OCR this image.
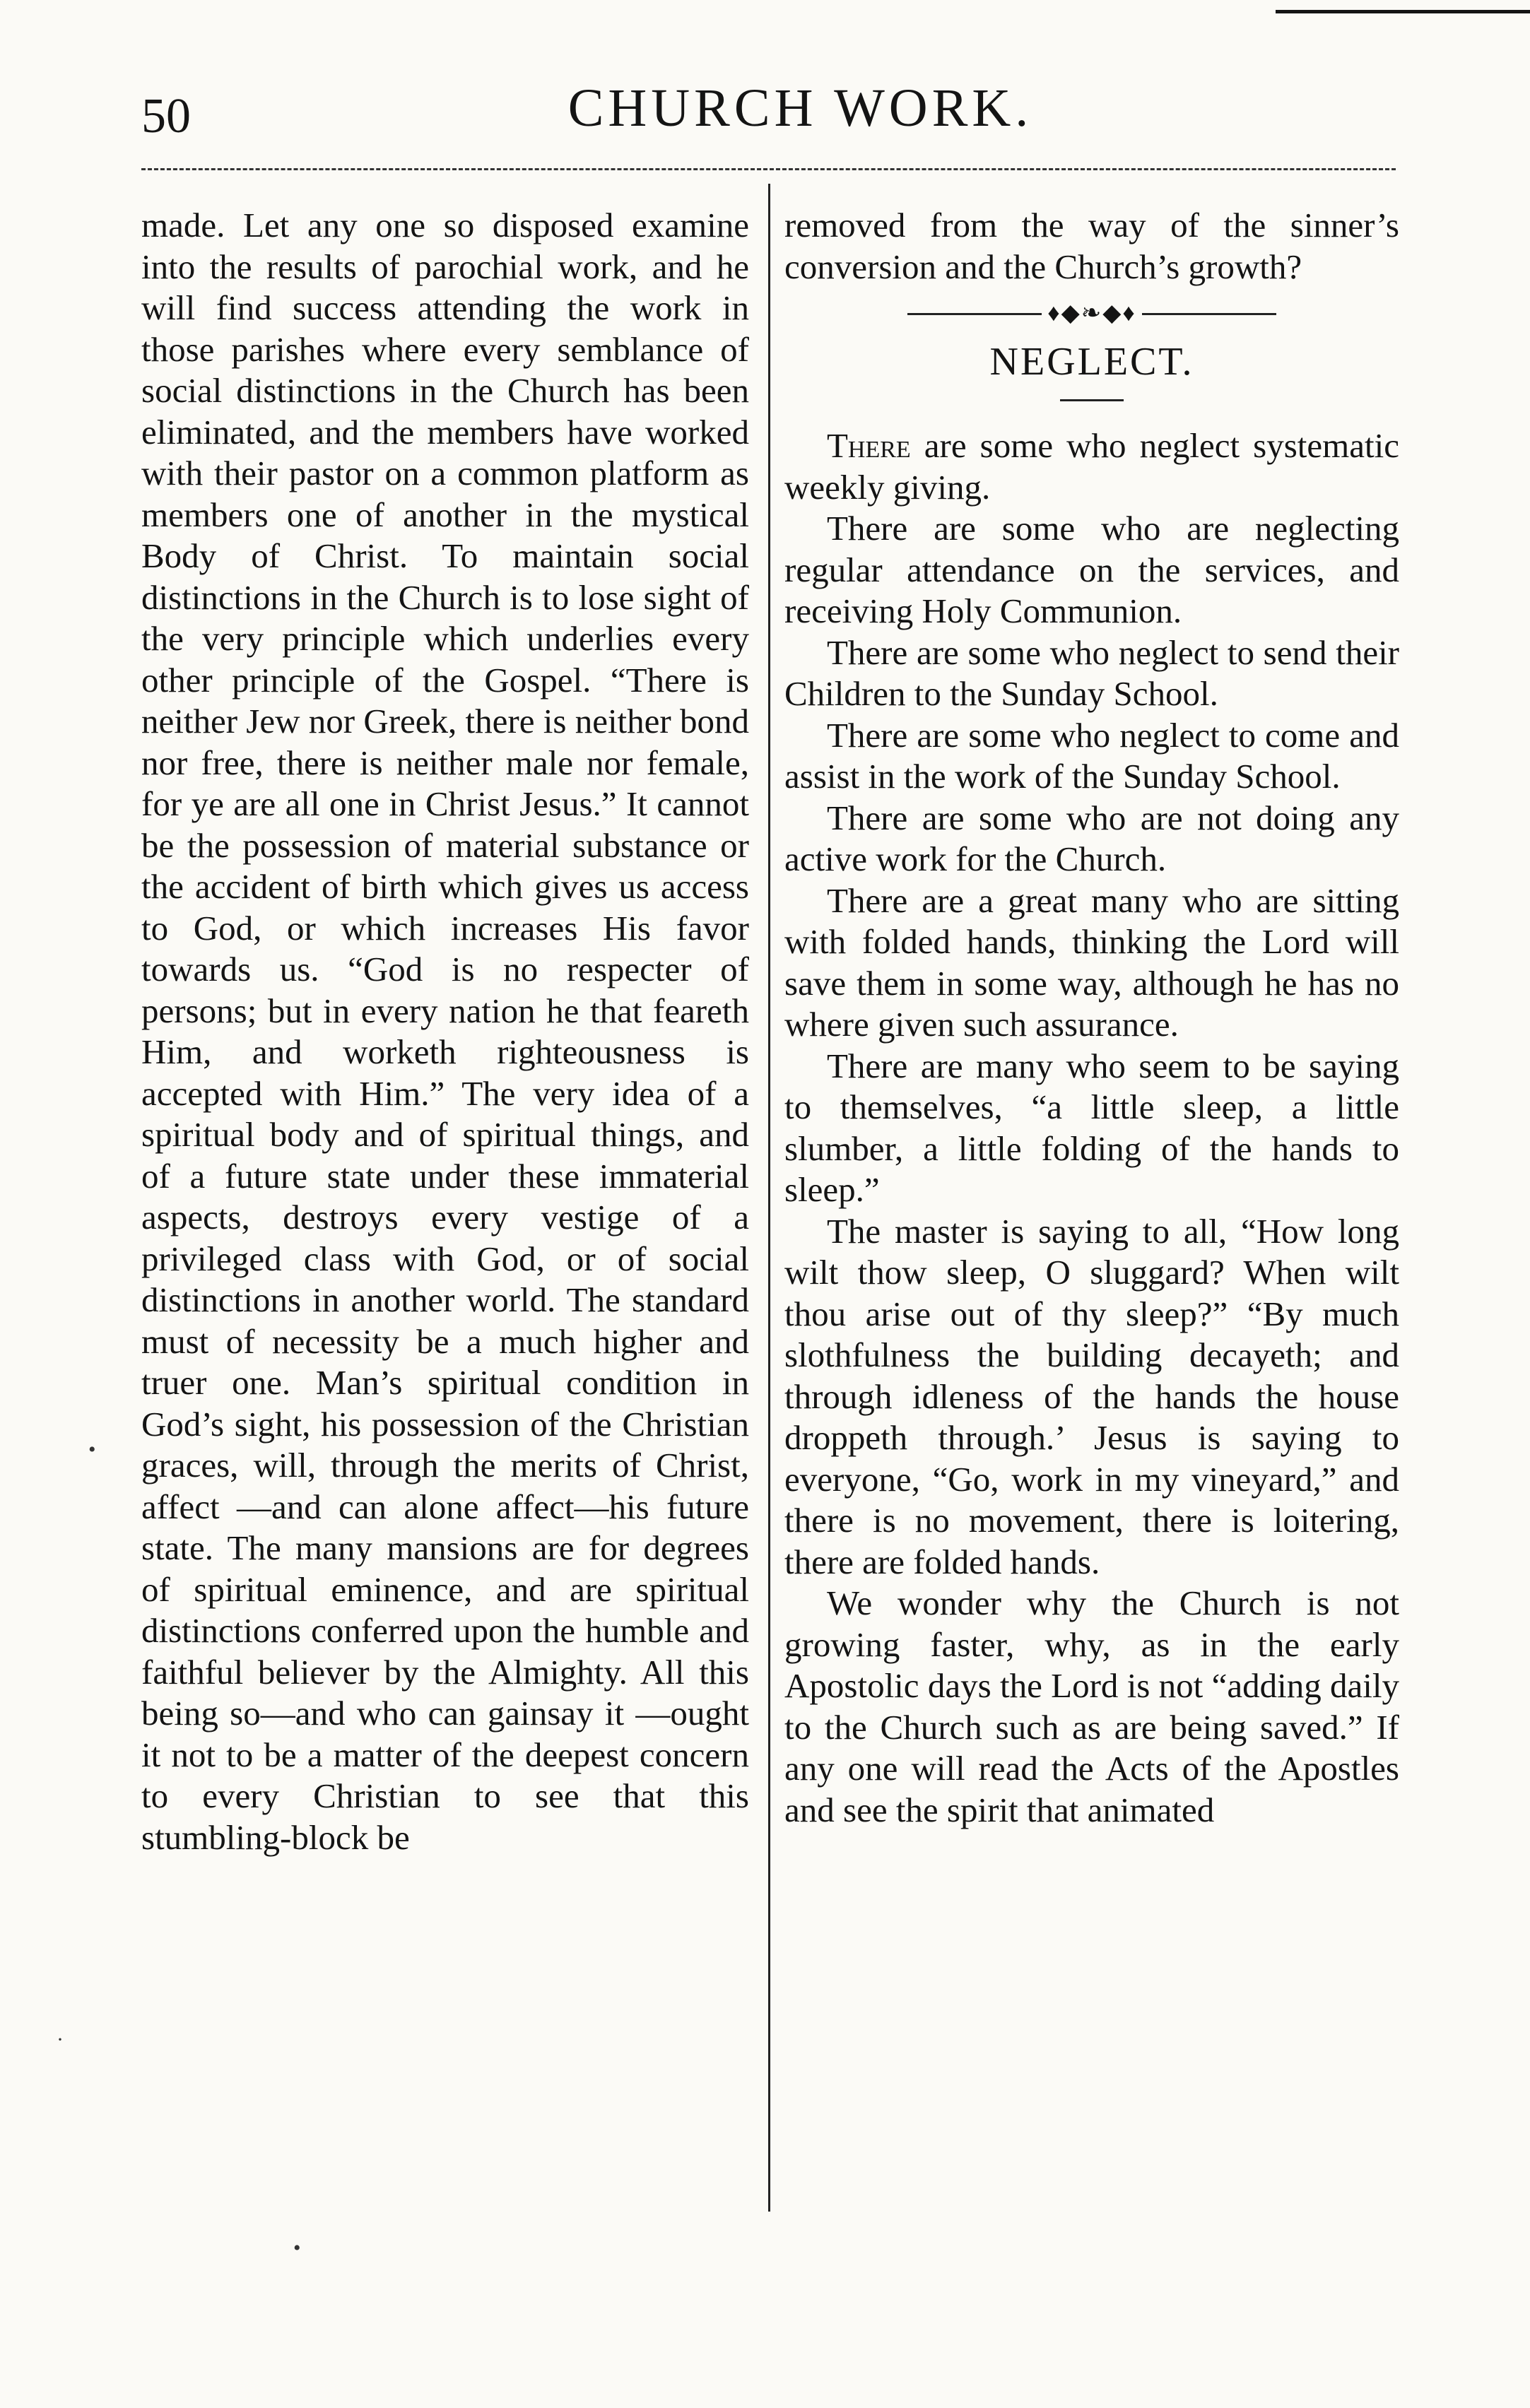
50	CHURCH WORK.

made. Let any one so disposed examine into the results of parochial work, and he will find success attending the work in those parishes where every semblance of social distinctions in the Church has been eliminated, and the members have worked with their pastor on a common platform as members one of another in the mystical Body of Christ. To maintain social distinctions in the Church is to lose sight of the very principle which underlies every other principle of the Gospel. “There is neither Jew nor Greek, there is neither bond nor free, there is neither male nor female, for ye are all one in Christ Jesus.” It cannot be the possession of material substance or the accident of birth which gives us access to God, or which increases His favor towards us. “God is no respecter of persons; but in every nation he that feareth Him, and worketh righteousness is accepted with Him.” The very idea of a spiritual body and of spiritual things, and of a future state under these immaterial aspects, destroys every vestige of a privileged class with God, or of social distinctions in another world. The standard must of necessity be a much higher and truer one. Man’s spiritual condition in God’s sight, his possession of the Christian graces, will, through the merits of Christ, affect —and can alone affect—his future state. The many mansions are for degrees of spiritual eminence, and are spiritual distinctions conferred upon the humble and faithful believer by the Almighty. All this being so—and who can gainsay it —ought it not to be a matter of the deepest concern to every Christian to see that this stumbling-block be

removed from the way of the sinner’s conversion and the Church’s growth?

♦◆❧◆♦
NEGLECT.

There are some who neglect systematic weekly giving.

There are some who are neglecting regular attendance on the services, and receiving Holy Communion.

There are some who neglect to send their Children to the Sunday School.

There are some who neglect to come and assist in the work of the Sunday School.

There are some who are not doing any active work for the Church.

There are a great many who are sitting with folded hands, thinking the Lord will save them in some way, although he has no where given such assurance.

There are many who seem to be saying to themselves, “a little sleep, a little slumber, a little folding of the hands to sleep.”

The master is saying to all, “How long wilt thow sleep, O sluggard? When wilt thou arise out of thy sleep?” “By much slothfulness the building decayeth; and through idleness of the hands the house droppeth through.’ Jesus is saying to everyone, “Go, work in my vineyard,” and there is no movement, there is loitering, there are folded hands.

We wonder why the Church is not growing faster, why, as in the early Apostolic days the Lord is not “adding daily to the Church such as are being saved.” If any one will read the Acts of the Apostles and see the spirit that animated

•
·
•
